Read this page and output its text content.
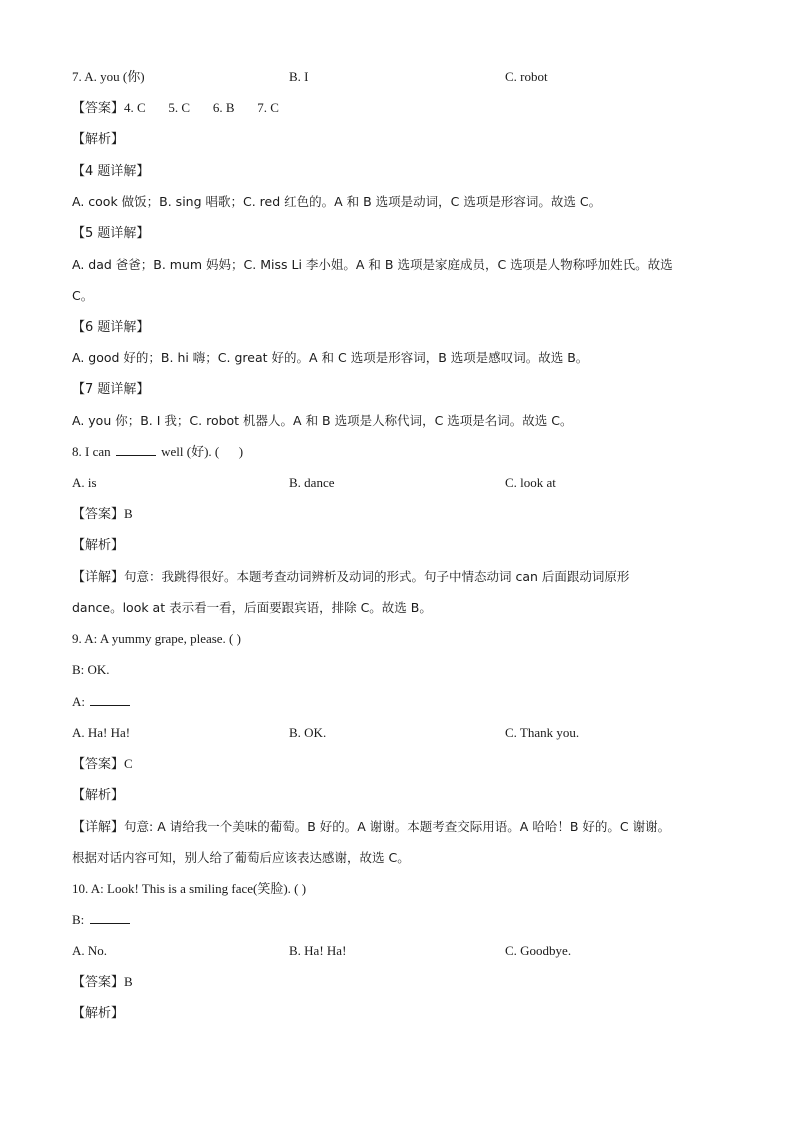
7. A. you (你)	B. I	C. robot
【答案】4. C       5. C       6. B       7. C
【解析】
【4 题详解】
A. cook 做饭；B. sing 唱歌；C. red 红色的。A 和 B 选项是动词，C 选项是形容词。故选 C。
【5 题详解】
A. dad 爸爸；B. mum 妈妈；C. Miss Li 李小姐。A 和 B 选项是家庭成员，C 选项是人物称呼加姓氏。故选
C。
【6 题详解】
A. good 好的；B. hi 嗨；C. great 好的。A 和 C 选项是形容词，B 选项是感叹词。故选 B。
【7 题详解】
A. you 你；B. I 我；C. robot 机器人。A 和 B 选项是人称代词，C 选项是名词。故选 C。
8. I can	well (好). (      )
A. is	B. dance	C. look at
【答案】B
【解析】
【详解】句意：我跳得很好。本题考查动词辨析及动词的形式。句子中情态动词 can 后面跟动词原形
dance。look at 表示看一看，后面要跟宾语，排除 C。故选 B。
9. A: A yummy grape, please. ( )
B: OK.
A:
A. Ha! Ha!	B. OK.	C. Thank you.
【答案】C
【解析】
【详解】句意: A 请给我一个美味的葡萄。B 好的。A 谢谢。本题考查交际用语。A 哈哈！B 好的。C 谢谢。
根据对话内容可知，别人给了葡萄后应该表达感谢，故选 C。
10. A: Look! This is a smiling face(笑脸). ( )
B:
A. No.	B. Ha! Ha!	C. Goodbye.
【答案】B
【解析】
